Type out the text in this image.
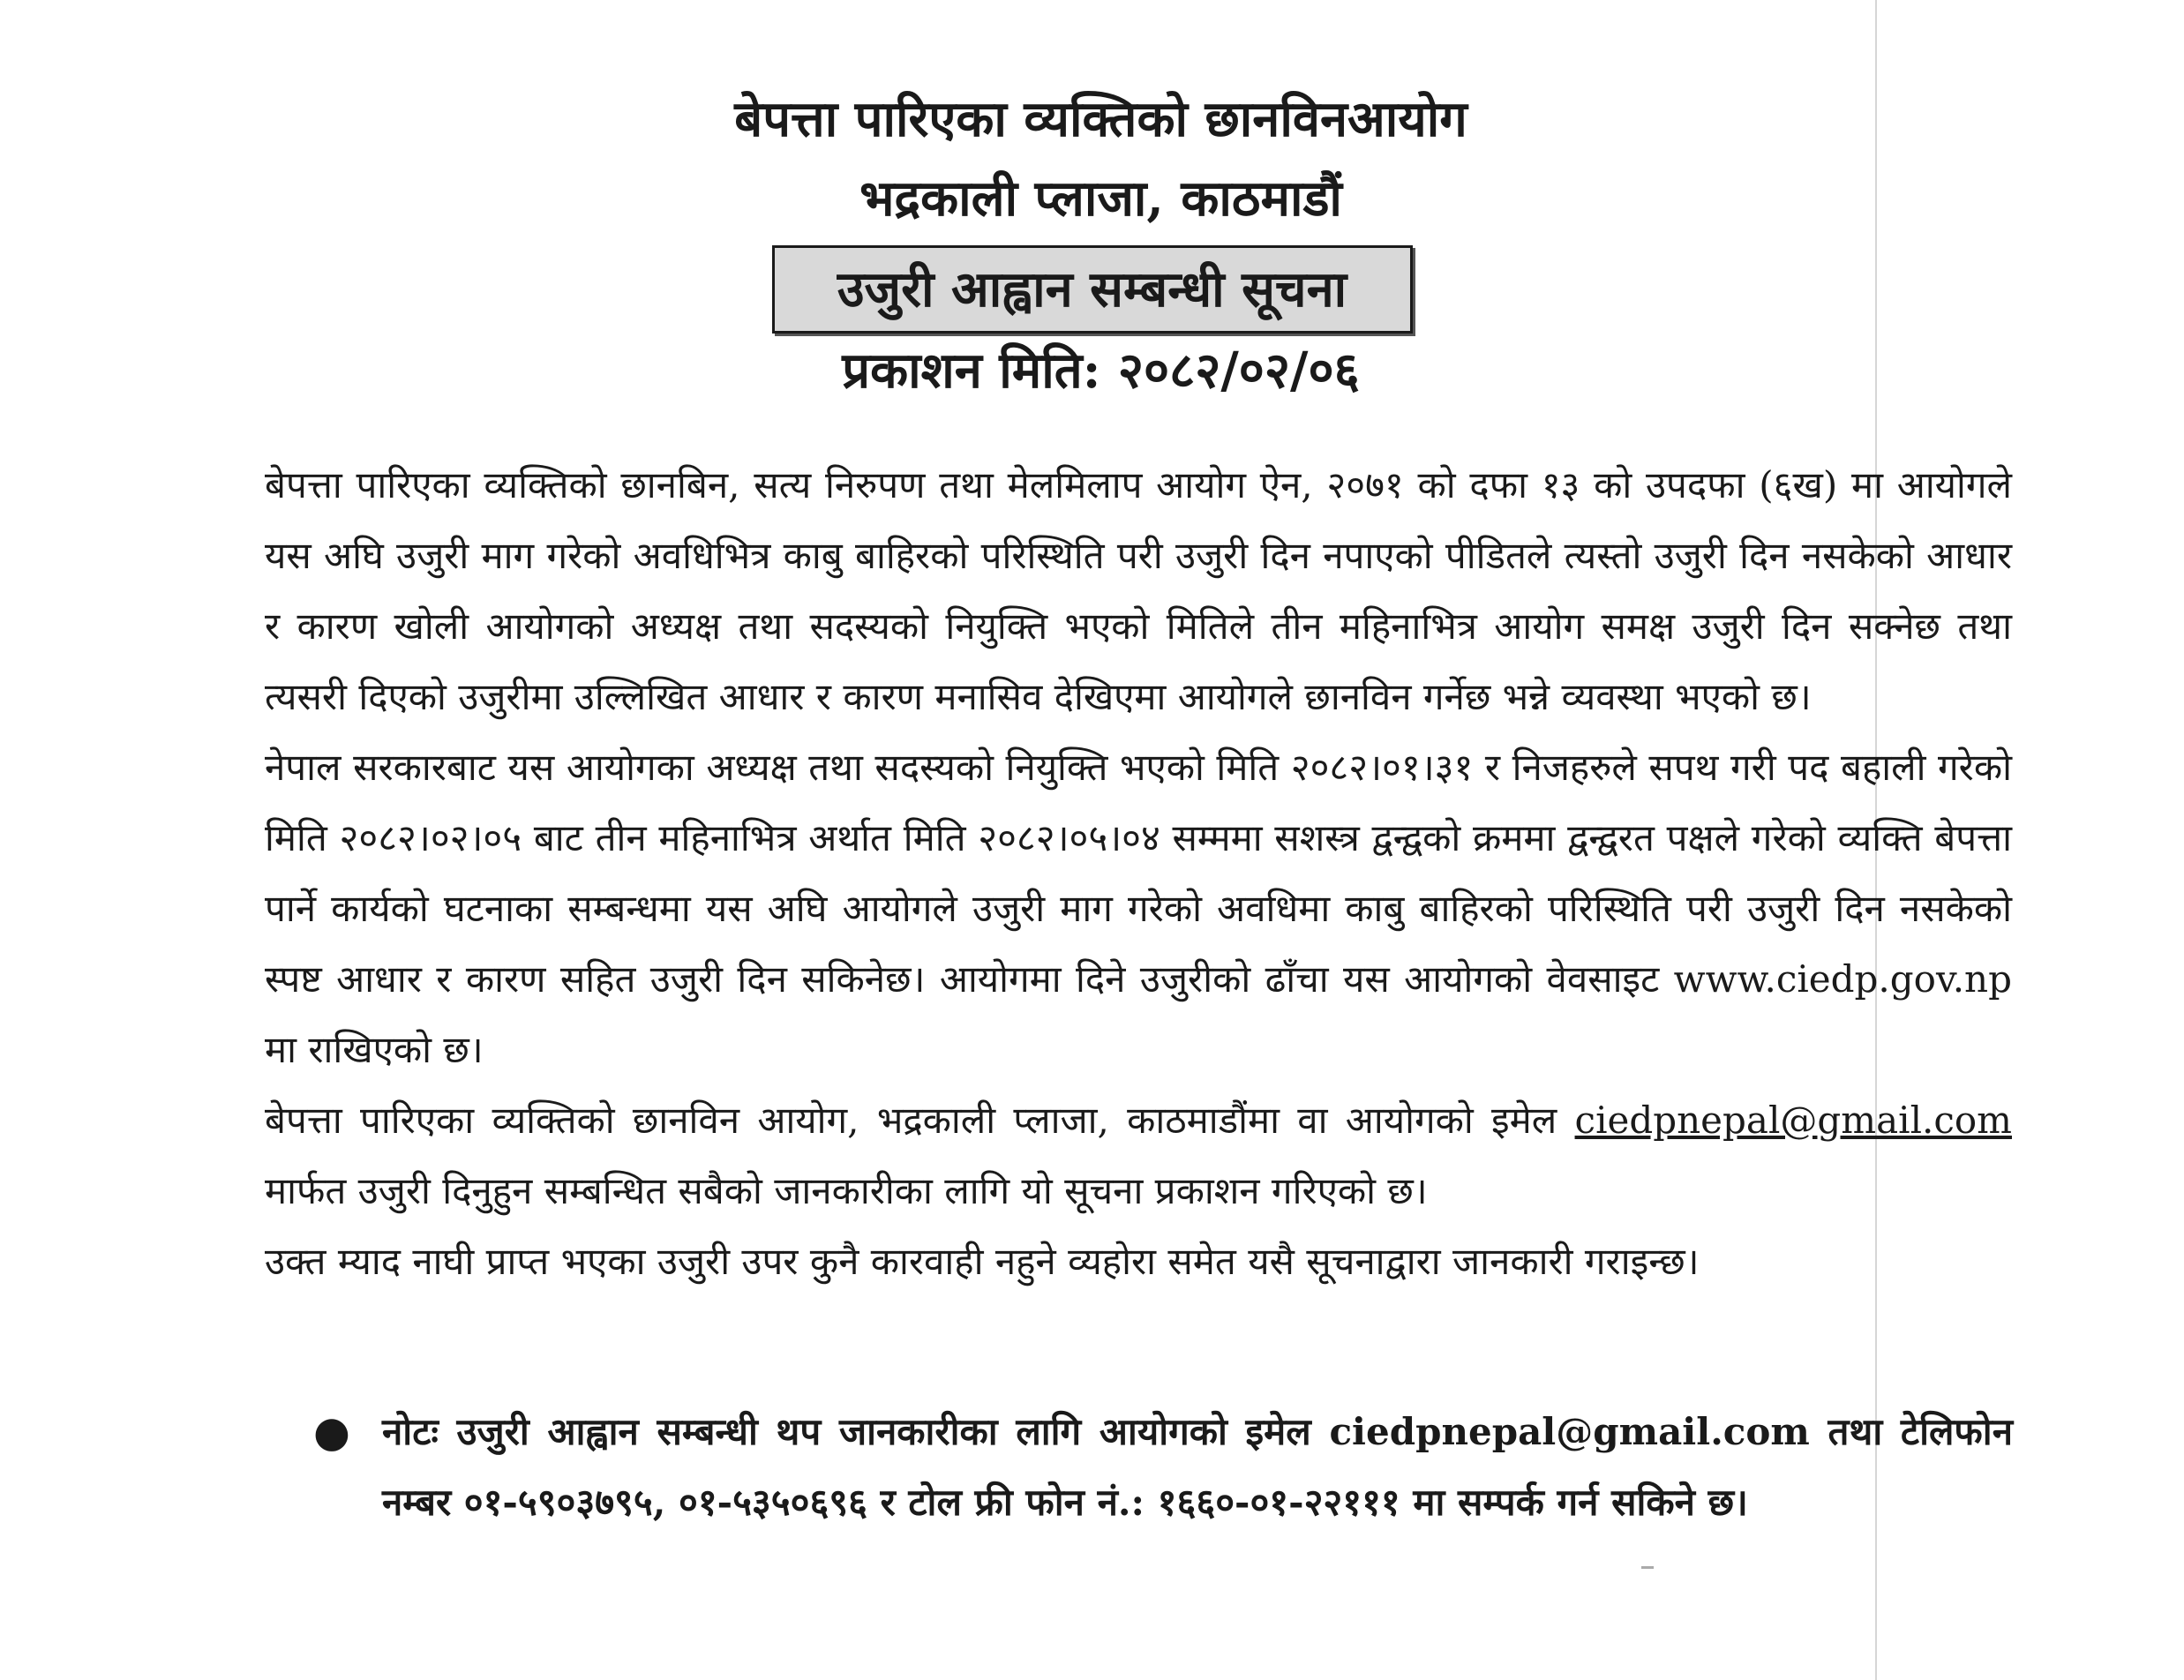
बेपत्ता पारिएका व्यक्तिको छानविनआयोग
भद्रकाली प्लाजा, काठमाडौं
उजुरी आह्वान सम्बन्धी सूचना
प्रकाशन मिति: २०८२/०२/०६

बेपत्ता पारिएका व्यक्तिको छानबिन, सत्य निरुपण तथा मेलमिलाप आयोग ऐन, २०७१ को दफा १३ को उपदफा (६ख) मा आयोगले यस अघि उजुरी माग गरेको अवधिभित्र काबु बाहिरको परिस्थिति परी उजुरी दिन नपाएको पीडितले त्यस्तो उजुरी दिन नसकेको आधार र कारण खोली आयोगको अध्यक्ष तथा सदस्यको नियुक्ति भएको मितिले तीन महिनाभित्र आयोग समक्ष उजुरी दिन सक्नेछ तथा त्यसरी दिएको उजुरीमा उल्लिखित आधार र कारण मनासिव देखिएमा आयोगले छानविन गर्नेछ भन्ने व्यवस्था भएको छ।

नेपाल सरकारबाट यस आयोगका अध्यक्ष तथा सदस्यको नियुक्ति भएको मिति २०८२।०१।३१ र निजहरुले सपथ गरी पद बहाली गरेको मिति २०८२।०२।०५ बाट तीन महिनाभित्र अर्थात मिति २०८२।०५।०४ सम्ममा सशस्त्र द्वन्द्वको क्रममा द्वन्द्वरत पक्षले गरेको व्यक्ति बेपत्ता पार्ने कार्यको घटनाका सम्बन्धमा यस अघि आयोगले उजुरी माग गरेको अवधिमा काबु बाहिरको परिस्थिति परी उजुरी दिन नसकेको स्पष्ट आधार र कारण सहित उजुरी दिन सकिनेछ। आयोगमा दिने उजुरीको ढाँचा यस आयोगको वेवसाइट www.ciedp.gov.np मा राखिएको छ।

बेपत्ता पारिएका व्यक्तिको छानविन आयोग, भद्रकाली प्लाजा, काठमाडौंमा वा आयोगको इमेल ciedpnepal@gmail.com मार्फत उजुरी दिनुहुन सम्बन्धित सबैको जानकारीका लागि यो सूचना प्रकाशन गरिएको छ।

उक्त म्याद नाघी प्राप्त भएका उजुरी उपर कुनै कारवाही नहुने व्यहोरा समेत यसै सूचनाद्वारा जानकारी गराइन्छ।

● नोटः उजुरी आह्वान सम्बन्धी थप जानकारीका लागि आयोगको इमेल ciedpnepal@gmail.com तथा टेलिफोन नम्बर ०१-५९०३७९५, ०१-५३५०६९६ र टोल फ्री फोन नं.: १६६०-०१-२२१११ मा सम्पर्क गर्न सकिने छ।
